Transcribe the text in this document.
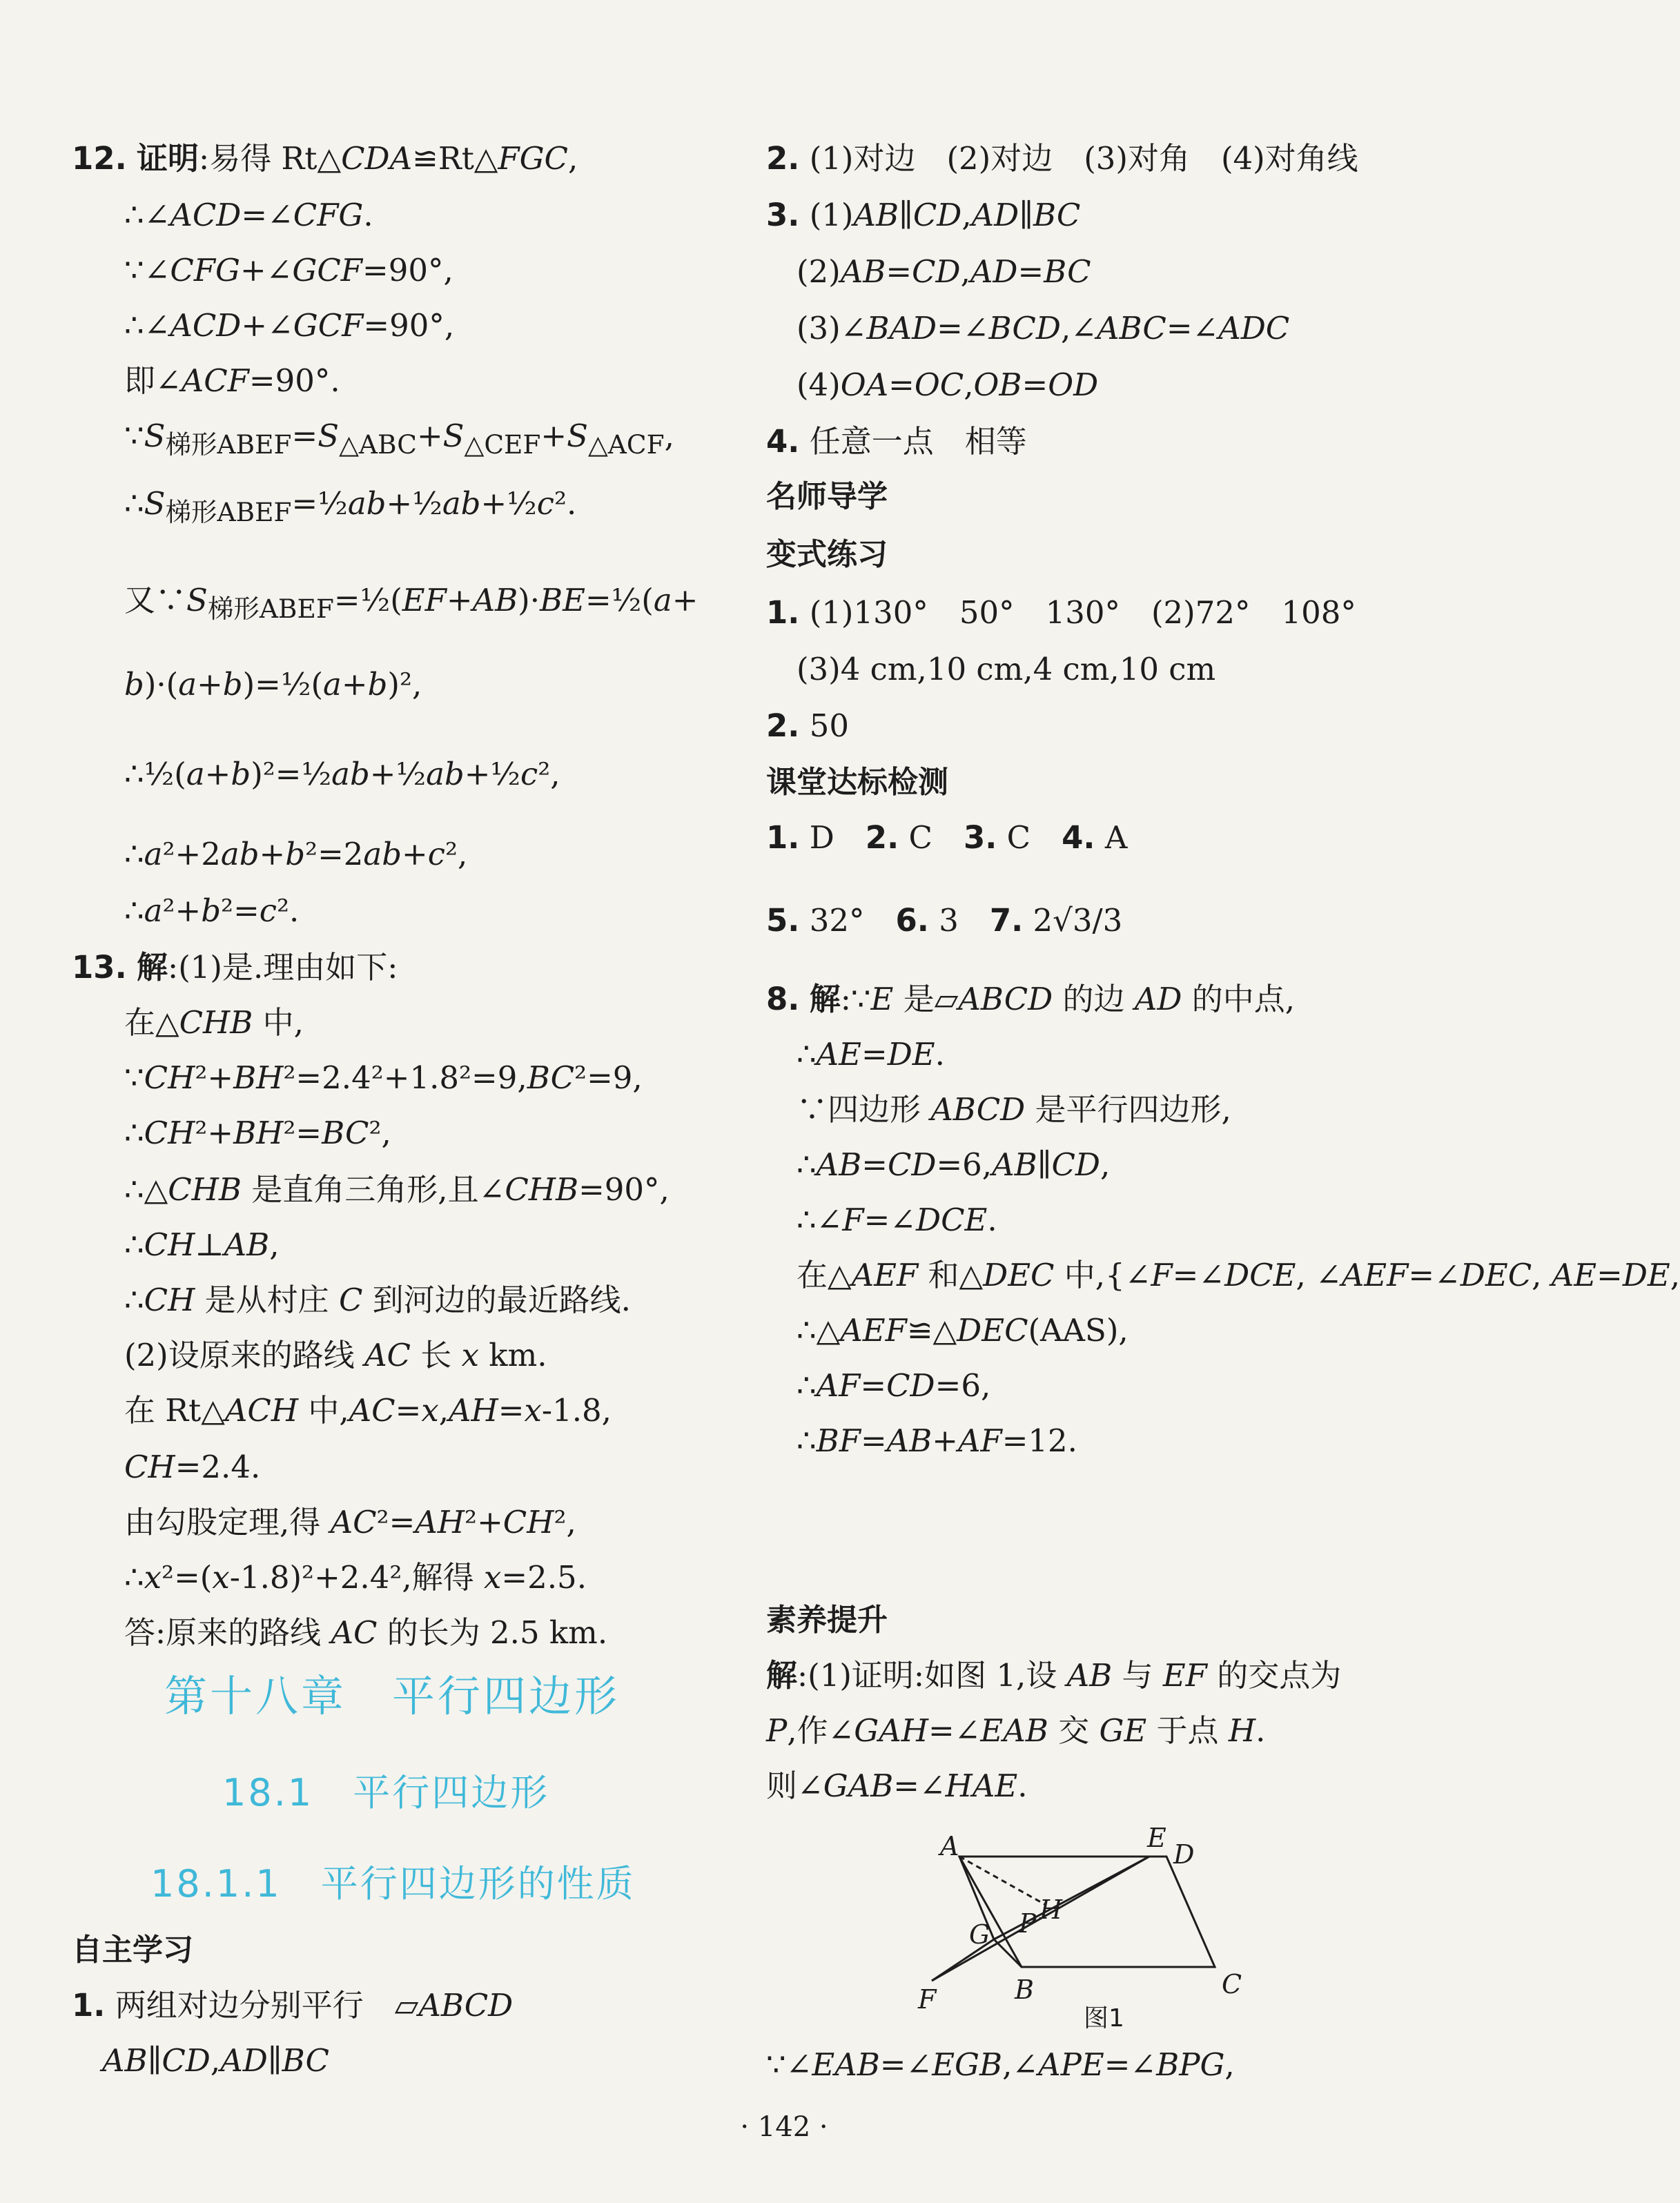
12. 证明:易得 Rt△CDA≌Rt△FGC,
∴∠ACD=∠CFG.
∵∠CFG+∠GCF=90°,
∴∠ACD+∠GCF=90°,
即∠ACF=90°.
$\because S_{梯形ABEF}=S_{\triangle ABC}+S_{\triangle CEF}+S_{\triangle ACF}$,
$\therefore S_{梯形ABEF}=\frac{1}{2}ab+\frac{1}{2}ab+\frac{1}{2}c^2$.
又$\because S_{梯形ABEF}=\frac{1}{2}(EF+AB)\cdot BE=\frac{1}{2}(a+$
b)·(a+b)=½(a+b)²,
∴½(a+b)²=½ab+½ab+½c²,
∴a²+2ab+b²=2ab+c²,
∴a²+b²=c².
13. 解:(1)是.理由如下:
在△CHB 中,
∵CH²+BH²=2.4²+1.8²=9,BC²=9,
∴CH²+BH²=BC²,
∴△CHB 是直角三角形,且∠CHB=90°,
∴CH⊥AB,
∴CH 是从村庄 C 到河边的最近路线.
(2)设原来的路线 AC 长 x km.
在 Rt△ACH 中,AC=x,AH=x-1.8,
CH=2.4.
由勾股定理,得 AC²=AH²+CH²,
∴x²=(x-1.8)²+2.4²,解得 x=2.5.
答:原来的路线 AC 的长为 2.5 km.
第十八章　平行四边形
18.1　平行四边形
18.1.1　平行四边形的性质
自主学习
1. 两组对边分别平行　▱ABCD
AB∥CD,AD∥BC
2. (1)对边　(2)对边　(3)对角　(4)对角线
3. (1)AB∥CD,AD∥BC
(2)AB=CD,AD=BC
(3)∠BAD=∠BCD,∠ABC=∠ADC
(4)OA=OC,OB=OD
4. 任意一点　相等
名师导学
变式练习
1. (1)130°　50°　130°　(2)72°　108°
(3)4 cm,10 cm,4 cm,10 cm
2. 50
课堂达标检测
1. D　2. C　3. C　4. A
5. 32°　6. 3　7. 2√3/3
8. 解:∵E 是▱ABCD 的边 AD 的中点,
∴AE=DE.
∵四边形 ABCD 是平行四边形,
∴AB=CD=6,AB∥CD,
∴∠F=∠DCE.
在△AEF 和△DEC 中,{∠F=∠DCE, ∠AEF=∠DEC, AE=DE,
∴△AEF≌△DEC(AAS),
∴AF=CD=6,
∴BF=AB+AF=12.
素养提升
解:(1)证明:如图 1,设 AB 与 EF 的交点为
P,作∠GAH=∠EAB 交 GE 于点 H.
则∠GAB=∠HAE.
A	E
D
G P H
F	B	C
图1
∵∠EAB=∠EGB,∠APE=∠BPG,
· 142 ·
